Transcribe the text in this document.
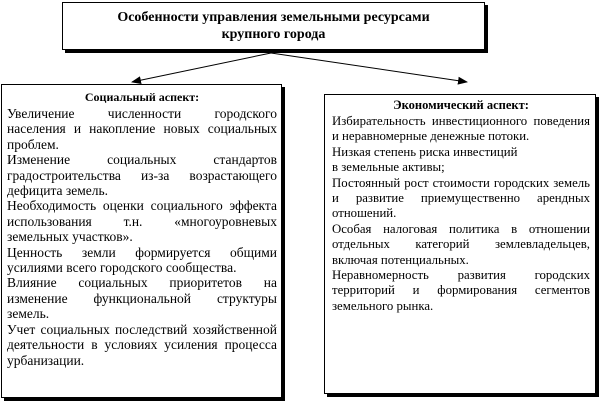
Особенности управления земельными ресурсами
крупного города

Социальный аспект:

Увеличение численности городского населения и накопление новых социальных проблем.

Изменение социальных стандартов градостроительства из-за возрастающего дефицита земель.

Необходимость оценки социального эффекта использования т.н. «многоуровневых земельных участков».

Ценность земли формируется общими усилиями всего городского сообщества.

Влияние социальных приоритетов на изменение функциональной структуры земель.

Учет социальных последствий хозяйственной деятельности в условиях усиления процесса урбанизации.

Экономический аспект:

Избирательность инвестиционного поведения и неравномерные денежные потоки.

Низкая степень риска инвестиций

в земельные активы;

Постоянный рост стоимости городских земель и развитие приемущественно арендных отношений.

Особая налоговая политика в отношении отдельных категорий землевладельцев, включая потенциальных.

Неравномерность развития городских территорий и формирования сегментов земельного рынка.
